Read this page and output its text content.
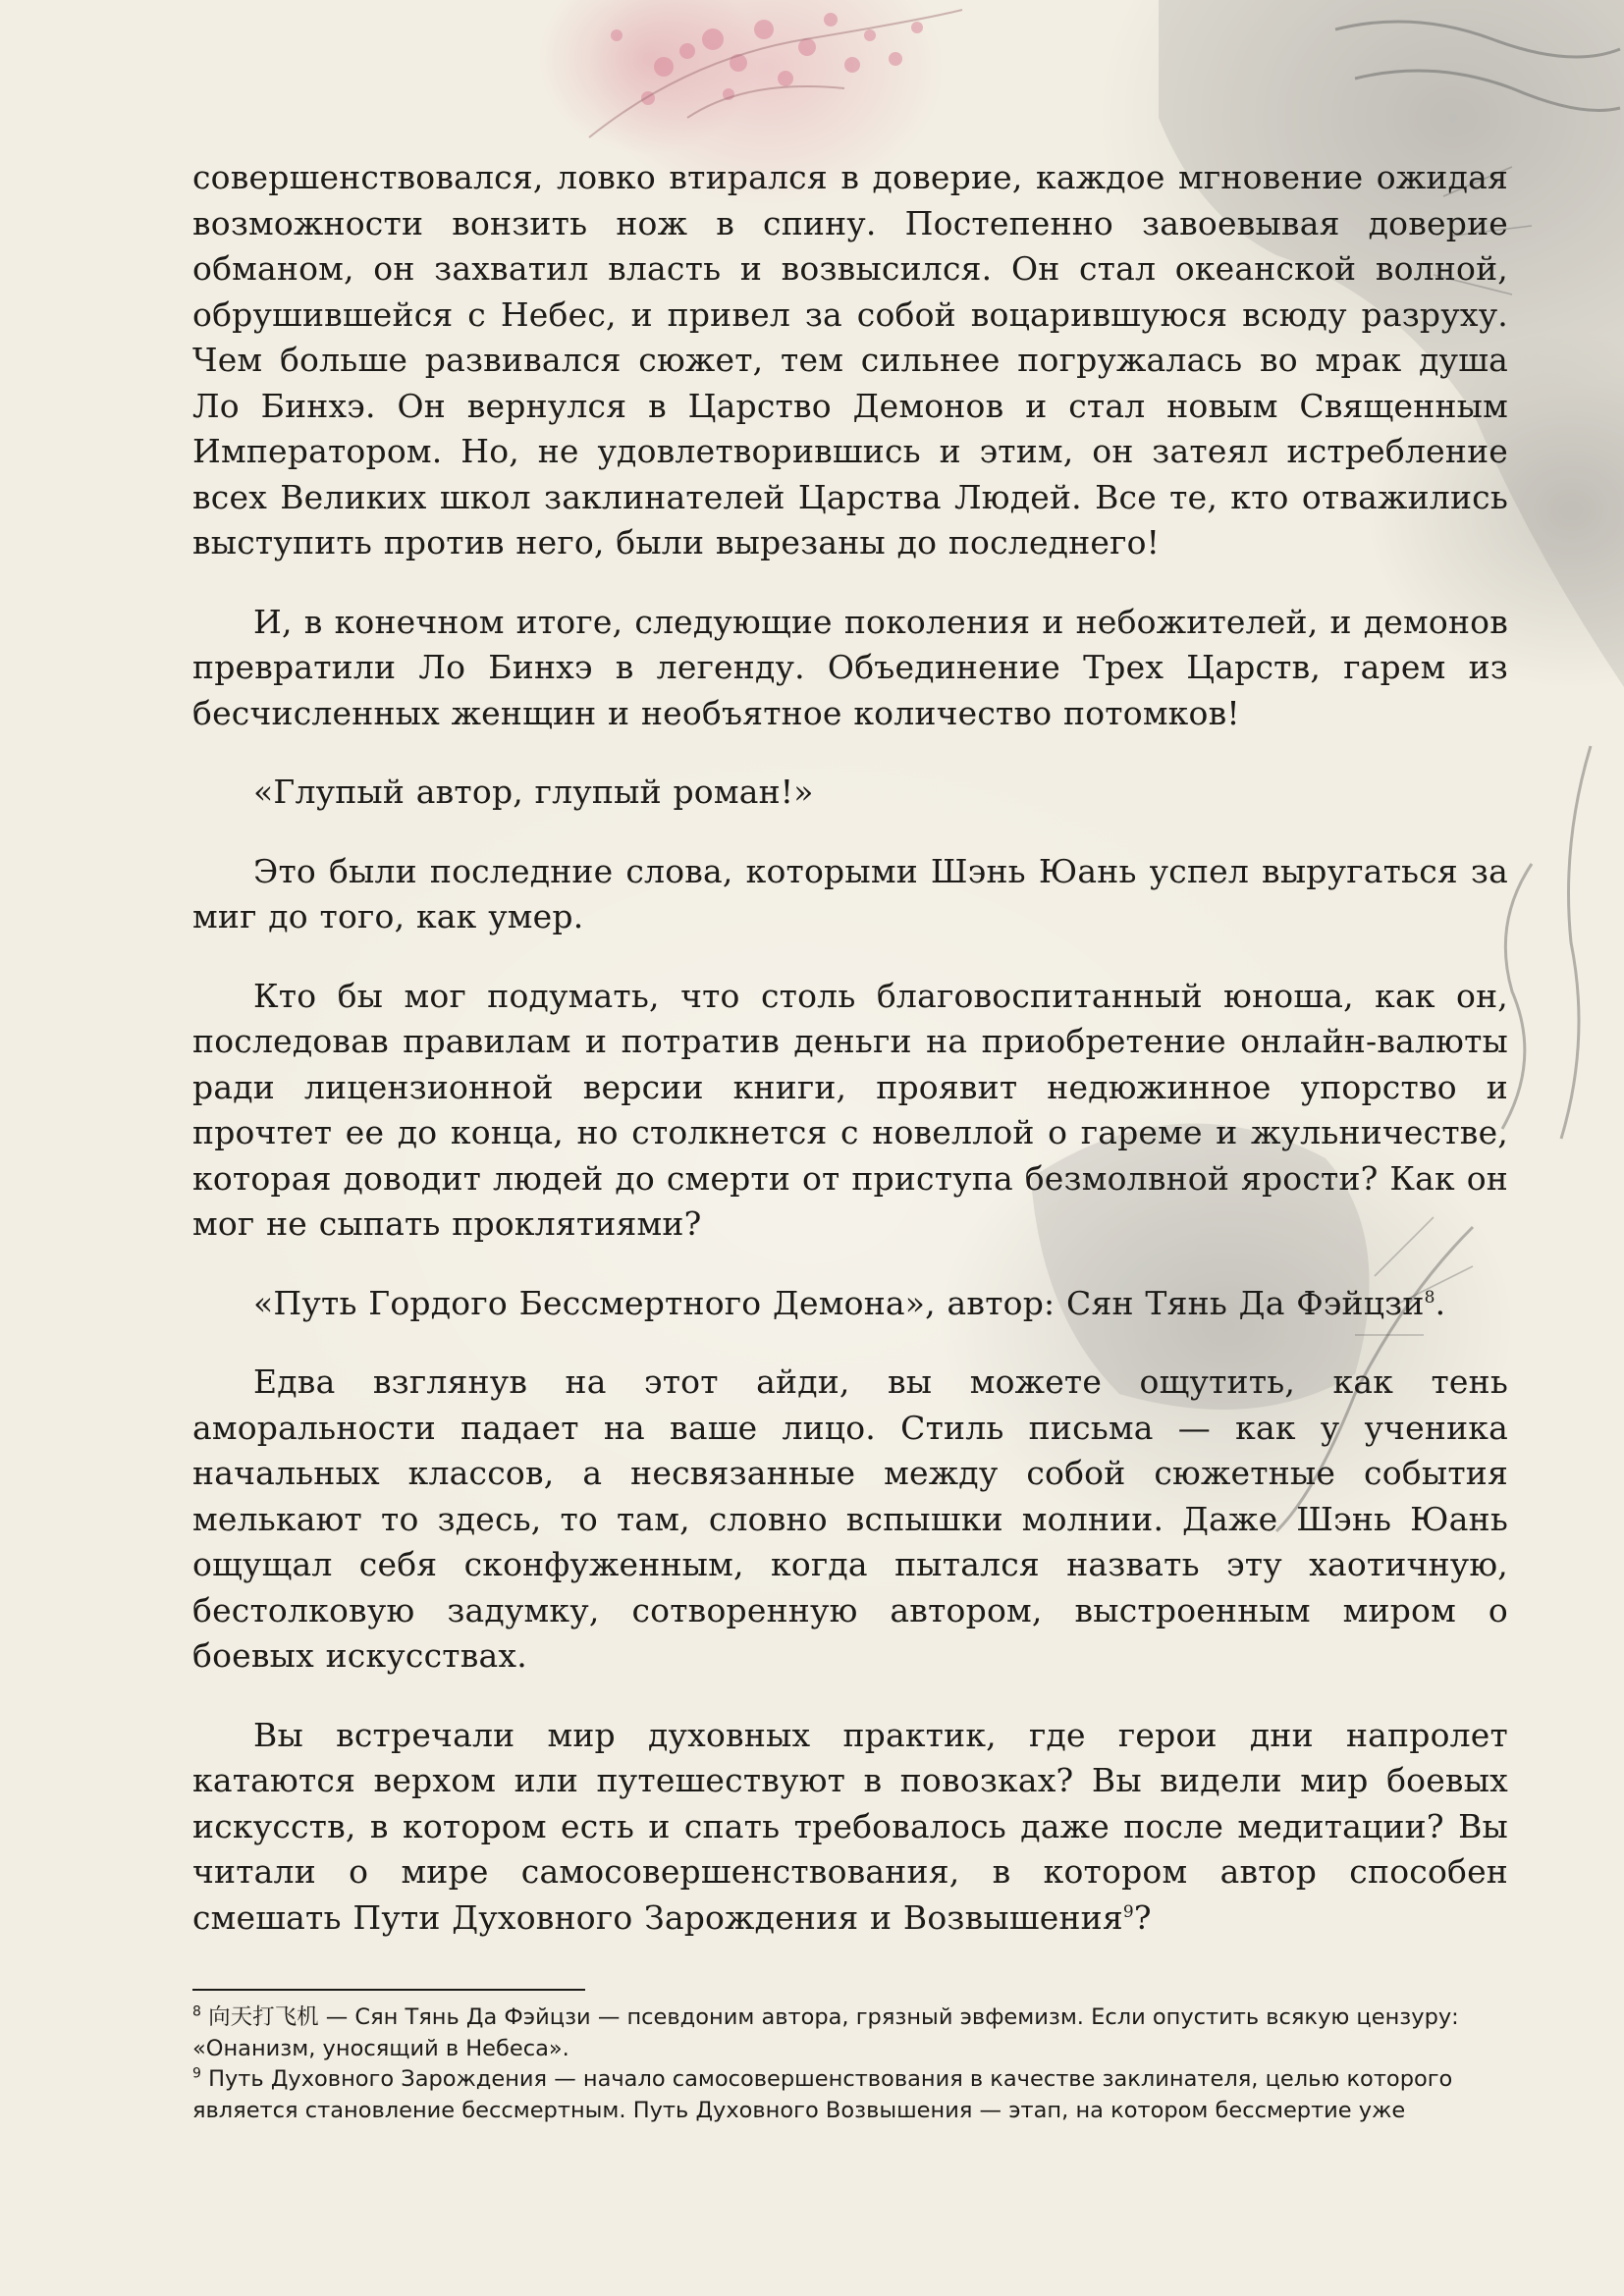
совершенствовался, ловко втирался в доверие, каждое мгновение ожидая возможности вонзить нож в спину. Постепенно завоевывая доверие обманом, он захватил власть и возвысился. Он стал океанской волной, обрушившейся с Небес, и привел за собой воцарившуюся всюду разруху. Чем больше развивался сюжет, тем сильнее погружалась во мрак душа Ло Бинхэ. Он вернулся в Царство Демонов и стал новым Священным Императором. Но, не удовлетворившись и этим, он затеял истребление всех Великих школ заклинателей Царства Людей. Все те, кто отважились выступить против него, были вырезаны до последнего!

И, в конечном итоге, следующие поколения и небожителей, и демонов превратили Ло Бинхэ в легенду. Объединение Трех Царств, гарем из бесчисленных женщин и необъятное количество потомков!

«Глупый автор, глупый роман!»

Это были последние слова, которыми Шэнь Юань успел выругаться за миг до того, как умер.

Кто бы мог подумать, что столь благовоспитанный юноша, как он, последовав правилам и потратив деньги на приобретение онлайн-валюты ради лицензионной версии книги, проявит недюжинное упорство и прочтет ее до конца, но столкнется с новеллой о гареме и жульничестве, которая доводит людей до смерти от приступа безмолвной ярости? Как он мог не сыпать проклятиями?

«Путь Гордого Бессмертного Демона», автор: Сян Тянь Да Фэйцзи$^8$.

Едва взглянув на этот айди, вы можете ощутить, как тень аморальности падает на ваше лицо. Стиль письма — как у ученика начальных классов, а несвязанные между собой сюжетные события мелькают то здесь, то там, словно вспышки молнии. Даже Шэнь Юань ощущал себя сконфуженным, когда пытался назвать эту хаотичную, бестолковую задумку, сотворенную автором, выстроенным миром о боевых искусствах.

Вы встречали мир духовных практик, где герои дни напролет катаются верхом или путешествуют в повозках? Вы видели мир боевых искусств, в котором есть и спать требовалось даже после медитации? Вы читали о мире самосовершенствования, в котором автор способен смешать Пути Духовного Зарождения и Возвышения$^9$?

$^8$ 向天打飞机 — Сян Тянь Да Фэйцзи — псевдоним автора, грязный эвфемизм. Если опустить всякую цензуру: «Онанизм, уносящий в Небеса».

$^9$ Путь Духовного Зарождения — начало самосовершенствования в качестве заклинателя, целью которого является становление бессмертным. Путь Духовного Возвышения — этап, на котором бессмертие уже
